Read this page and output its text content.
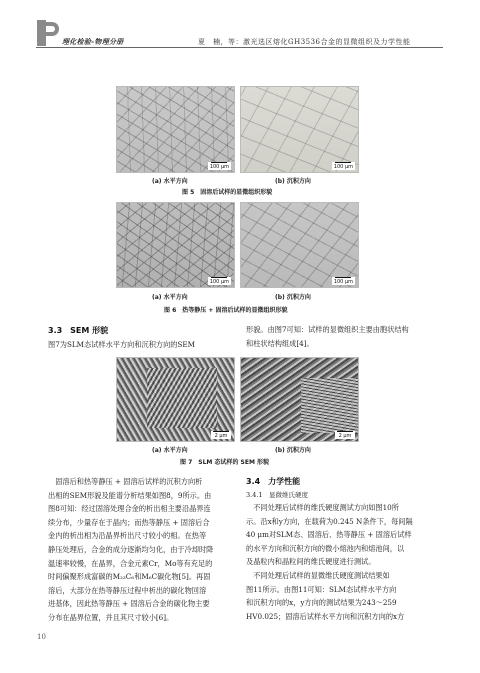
理化检验-物理分册	夏　楠，等：激光选区熔化GH3536合金的显微组织及力学性能
100 μm	100 μm
(a) 水平方向	(b) 沉积方向
图 5　固溶后试样的显微组织形貌
100 μm	100 μm
(a) 水平方向	(b) 沉积方向
图 6　热等静压 + 固溶后试样的显微组织形貌
3.3　SEM 形貌
图7为SLM态试样水平方向和沉积方向的SEM
形貌。由图7可知：试样的显微组织主要由胞状结构
和柱状结构组成[4]。
2 μm	2 μm
(a) 水平方向	(b) 沉积方向
图 7　SLM 态试样的 SEM 形貌
　固溶后和热等静压 + 固溶后试样的沉积方向析
出相的SEM形貌及能谱分析结果如图8，9所示。由
图8可知：经过固溶处理合金的析出相主要沿晶界连
续分布，少量存在于晶内；而热等静压 + 固溶后合
金内的析出相为沿晶界析出尺寸较小的相。在热等
静压处理后，合金的成分逐渐均匀化，由于冷却时降
温速率较慢，在晶界，合金元素Cr，Mo等有充足的
时间偏聚形成富碳的M₂₃C₆和M₆C碳化物[5]。再固
溶后，大部分在热等静压过程中析出的碳化物回溶
进基体，因此热等静压 + 固溶后合金的碳化物主要
分布在晶界位置，并且其尺寸较小[6]。
3.4　力学性能
3.4.1　显微维氏硬度
　不同处理后试样的维氏硬度测试方向如图10所
示。沿x和y方向，在载荷为0.245 N条件下，每间隔
40 μm对SLM态、固溶后、热等静压 + 固溶后试样
的水平方向和沉积方向的微小熔池内和熔池间，以
及晶粒内和晶粒间的维氏硬度进行测试。
　不同处理后试样的显微维氏硬度测试结果如
图11所示。由图11可知：SLM态试样水平方向
和沉积方向的x，y方向的测试结果为243～259
HV0.025；固溶后试样水平方向和沉积方向的x方
10
